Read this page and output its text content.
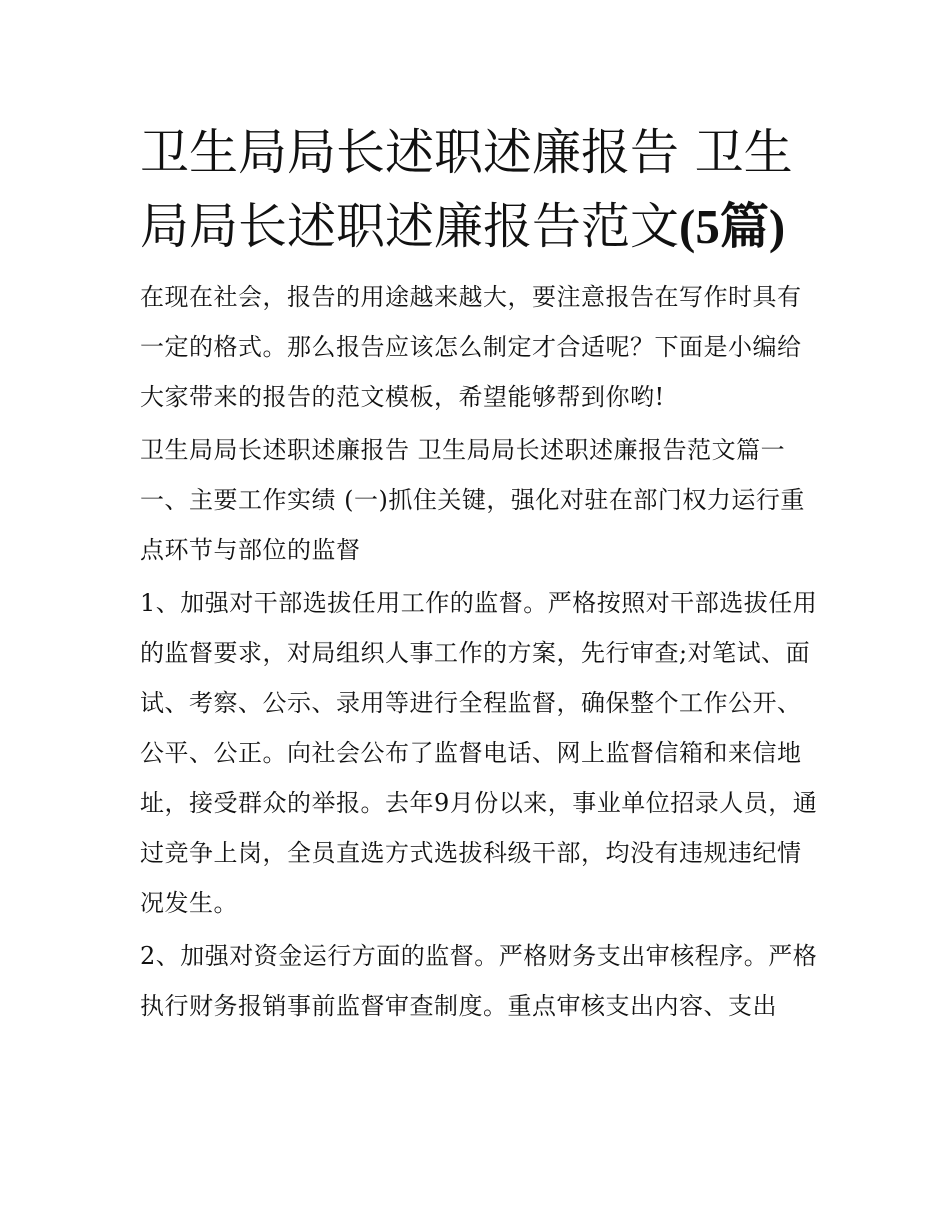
卫生局局长述职述廉报告 卫生局局长述职述廉报告范文(5篇)

在现在社会，报告的用途越来越大，要注意报告在写作时具有一定的格式。那么报告应该怎么制定才合适呢？下面是小编给大家带来的报告的范文模板，希望能够帮到你哟!

卫生局局长述职述廉报告 卫生局局长述职述廉报告范文篇一

一、主要工作实绩 (一)抓住关键，强化对驻在部门权力运行重点环节与部位的监督

1、加强对干部选拔任用工作的监督。严格按照对干部选拔任用的监督要求，对局组织人事工作的方案，先行审查;对笔试、面试、考察、公示、录用等进行全程监督，确保整个工作公开、公平、公正。向社会公布了监督电话、网上监督信箱和来信地址，接受群众的举报。去年9月份以来，事业单位招录人员，通过竞争上岗，全员直选方式选拔科级干部，均没有违规违纪情况发生。

2、加强对资金运行方面的监督。严格财务支出审核程序。严格执行财务报销事前监督审查制度。重点审核支出内容、支出
